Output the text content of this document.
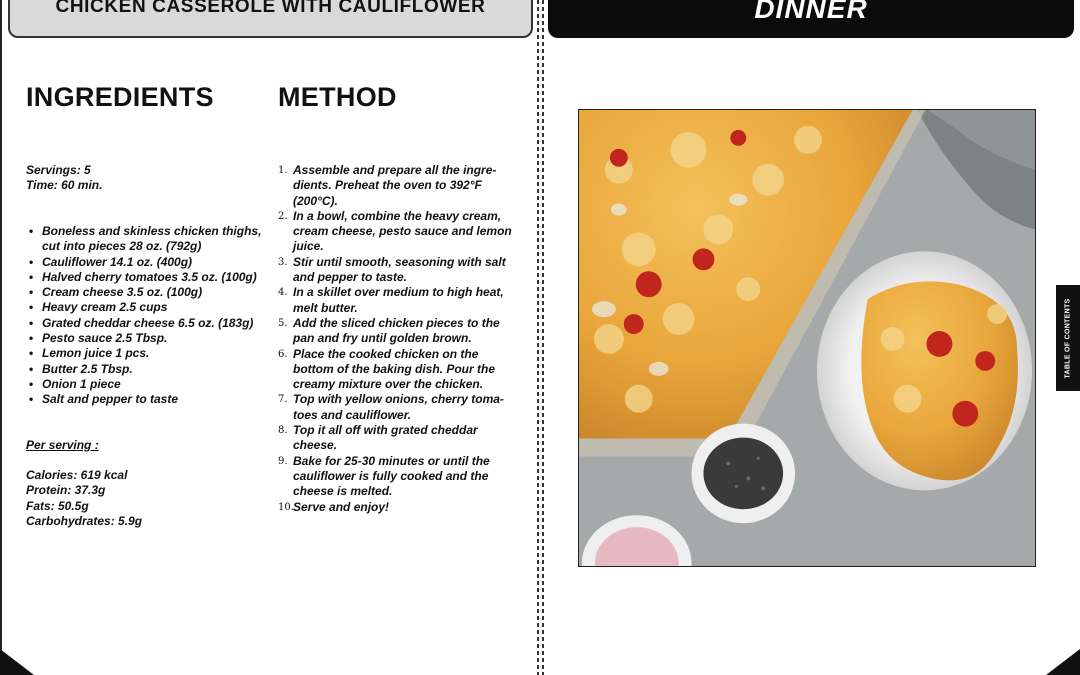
CHICKEN CASSEROLE WITH CAULIFLOWER
INGREDIENTS METHOD
Servings: 5
Time: 60 min.
• Boneless and skinless chicken thighs, cut into pieces 28 oz. (792g)
• Cauliflower 14.1 oz. (400g)
• Halved cherry tomatoes 3.5 oz. (100g)
• Cream cheese 3.5 oz. (100g)
• Heavy cream 2.5 cups
• Grated cheddar cheese 6.5 oz. (183g)
• Pesto sauce 2.5 Tbsp.
• Lemon juice 1 pcs.
• Butter 2.5 Tbsp.
• Onion 1 piece
• Salt and pepper to taste
Per serving :
Calories: 619 kcal
Protein: 37.3g
Fats: 50.5g
Carbohydrates: 5.9g
1. Assemble and prepare all the ingre-dients. Preheat the oven to 392°F (200°C).
2. In a bowl, combine the heavy cream, cream cheese, pesto sauce and lemon juice.
3. Stir until smooth, seasoning with salt and pepper to taste.
4. In a skillet over medium to high heat, melt butter.
5. Add the sliced chicken pieces to the pan and fry until golden brown.
6. Place the cooked chicken on the bottom of the baking dish. Pour the creamy mixture over the chicken.
7. Top with yellow onions, cherry toma-toes and cauliflower.
8. Top it all off with grated cheddar cheese.
9. Bake for 25-30 minutes or until the cauliflower is fully cooked and the cheese is melted.
10. Serve and enjoy!
DINNER
TABLE OF CONTENTS
